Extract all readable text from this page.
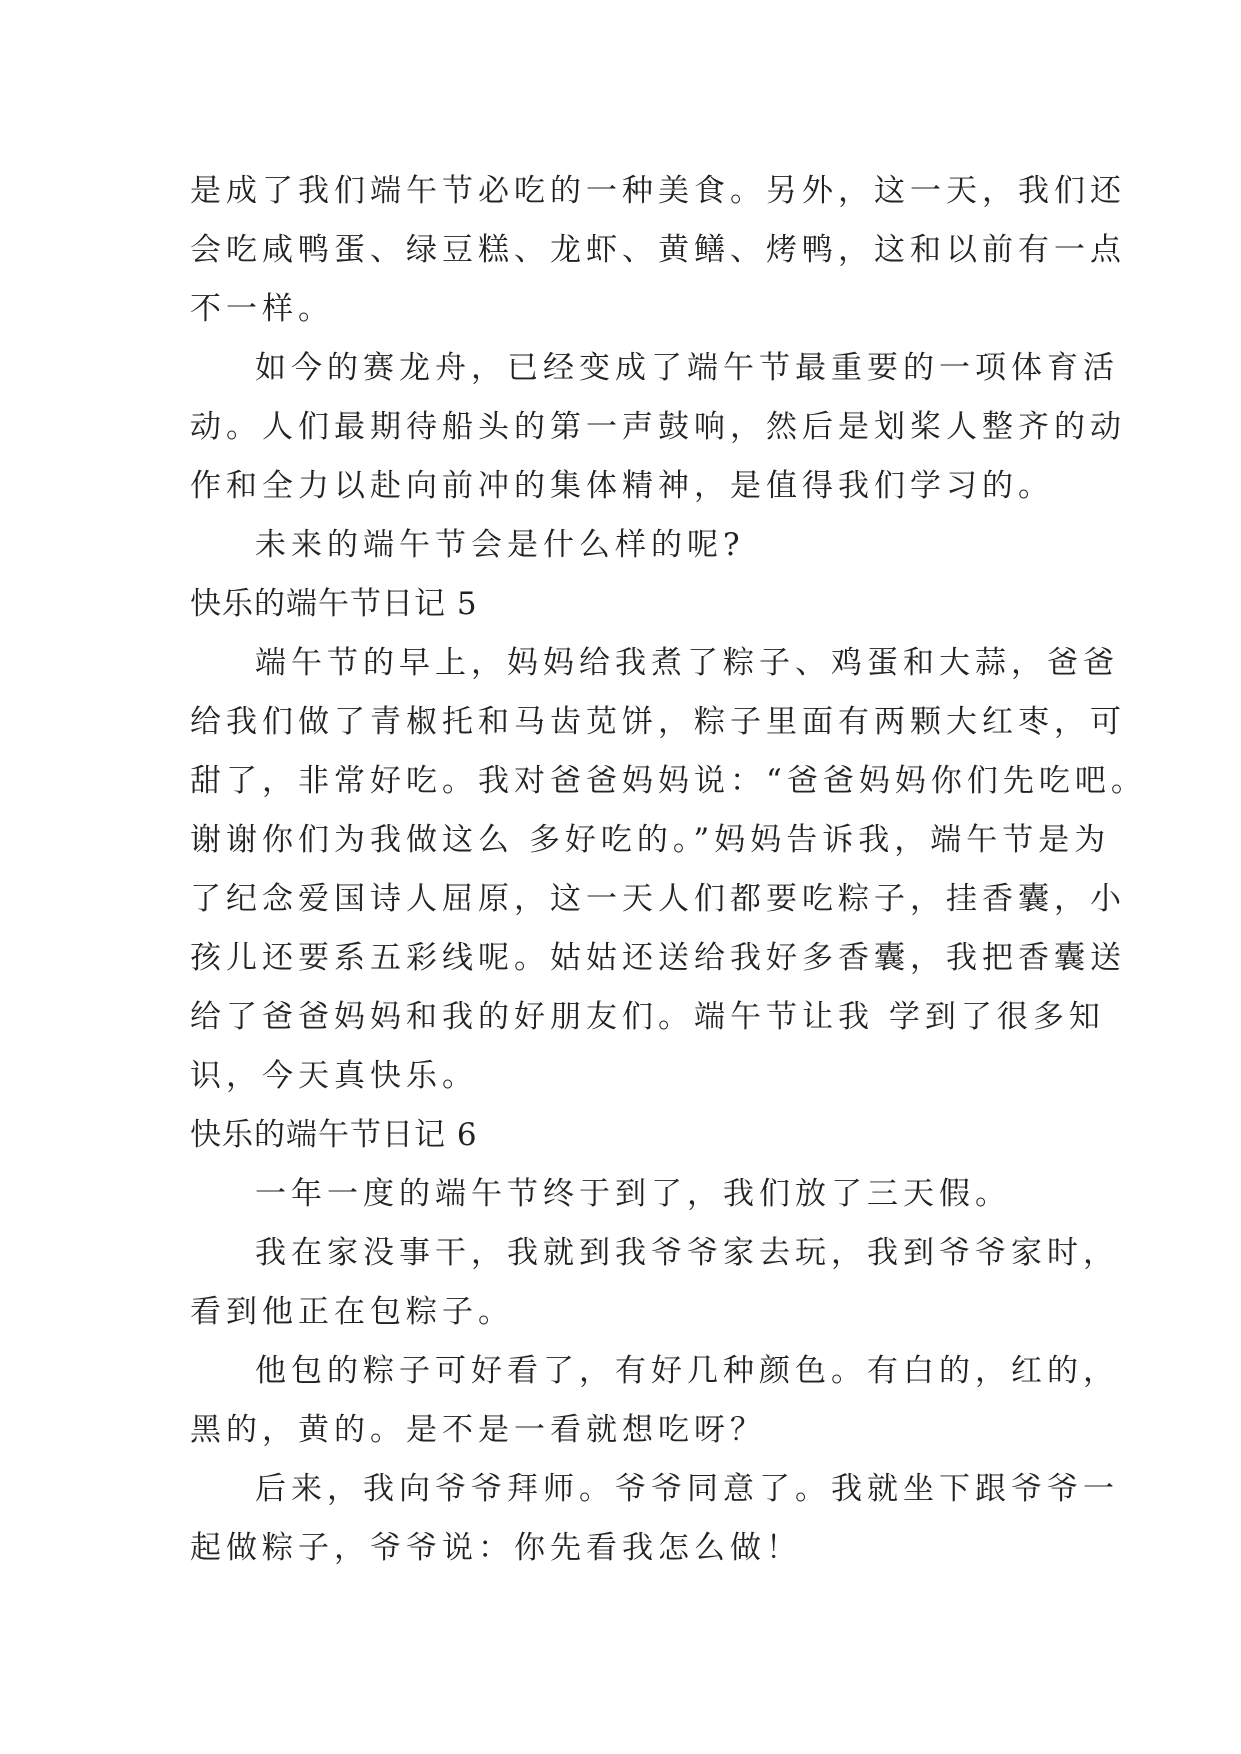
是成了我们端午节必吃的一种美食。另外，这一天，我们还
会吃咸鸭蛋、绿豆糕、龙虾、黄鳝、烤鸭，这和以前有一点
不一样。
如今的赛龙舟，已经变成了端午节最重要的一项体育活
动。人们最期待船头的第一声鼓响，然后是划桨人整齐的动
作和全力以赴向前冲的集体精神，是值得我们学习的。
未来的端午节会是什么样的呢?
快乐的端午节日记 5
端午节的早上，妈妈给我煮了粽子、鸡蛋和大蒜，爸爸
给我们做了青椒托和马齿苋饼，粽子里面有两颗大红枣，可
甜了，非常好吃。我对爸爸妈妈说：“爸爸妈妈你们先吃吧。
谢谢你们为我做这么 多好吃的。”妈妈告诉我，端午节是为
了纪念爱国诗人屈原，这一天人们都要吃粽子，挂香囊，小
孩儿还要系五彩线呢。姑姑还送给我好多香囊，我把香囊送
给了爸爸妈妈和我的好朋友们。端午节让我 学到了很多知
识，今天真快乐。
快乐的端午节日记 6
一年一度的端午节终于到了，我们放了三天假。
我在家没事干，我就到我爷爷家去玩，我到爷爷家时，
看到他正在包粽子。
他包的粽子可好看了，有好几种颜色。有白的，红的，
黑的，黄的。是不是一看就想吃呀？
后来，我向爷爷拜师。爷爷同意了。我就坐下跟爷爷一
起做粽子，爷爷说：你先看我怎么做！
